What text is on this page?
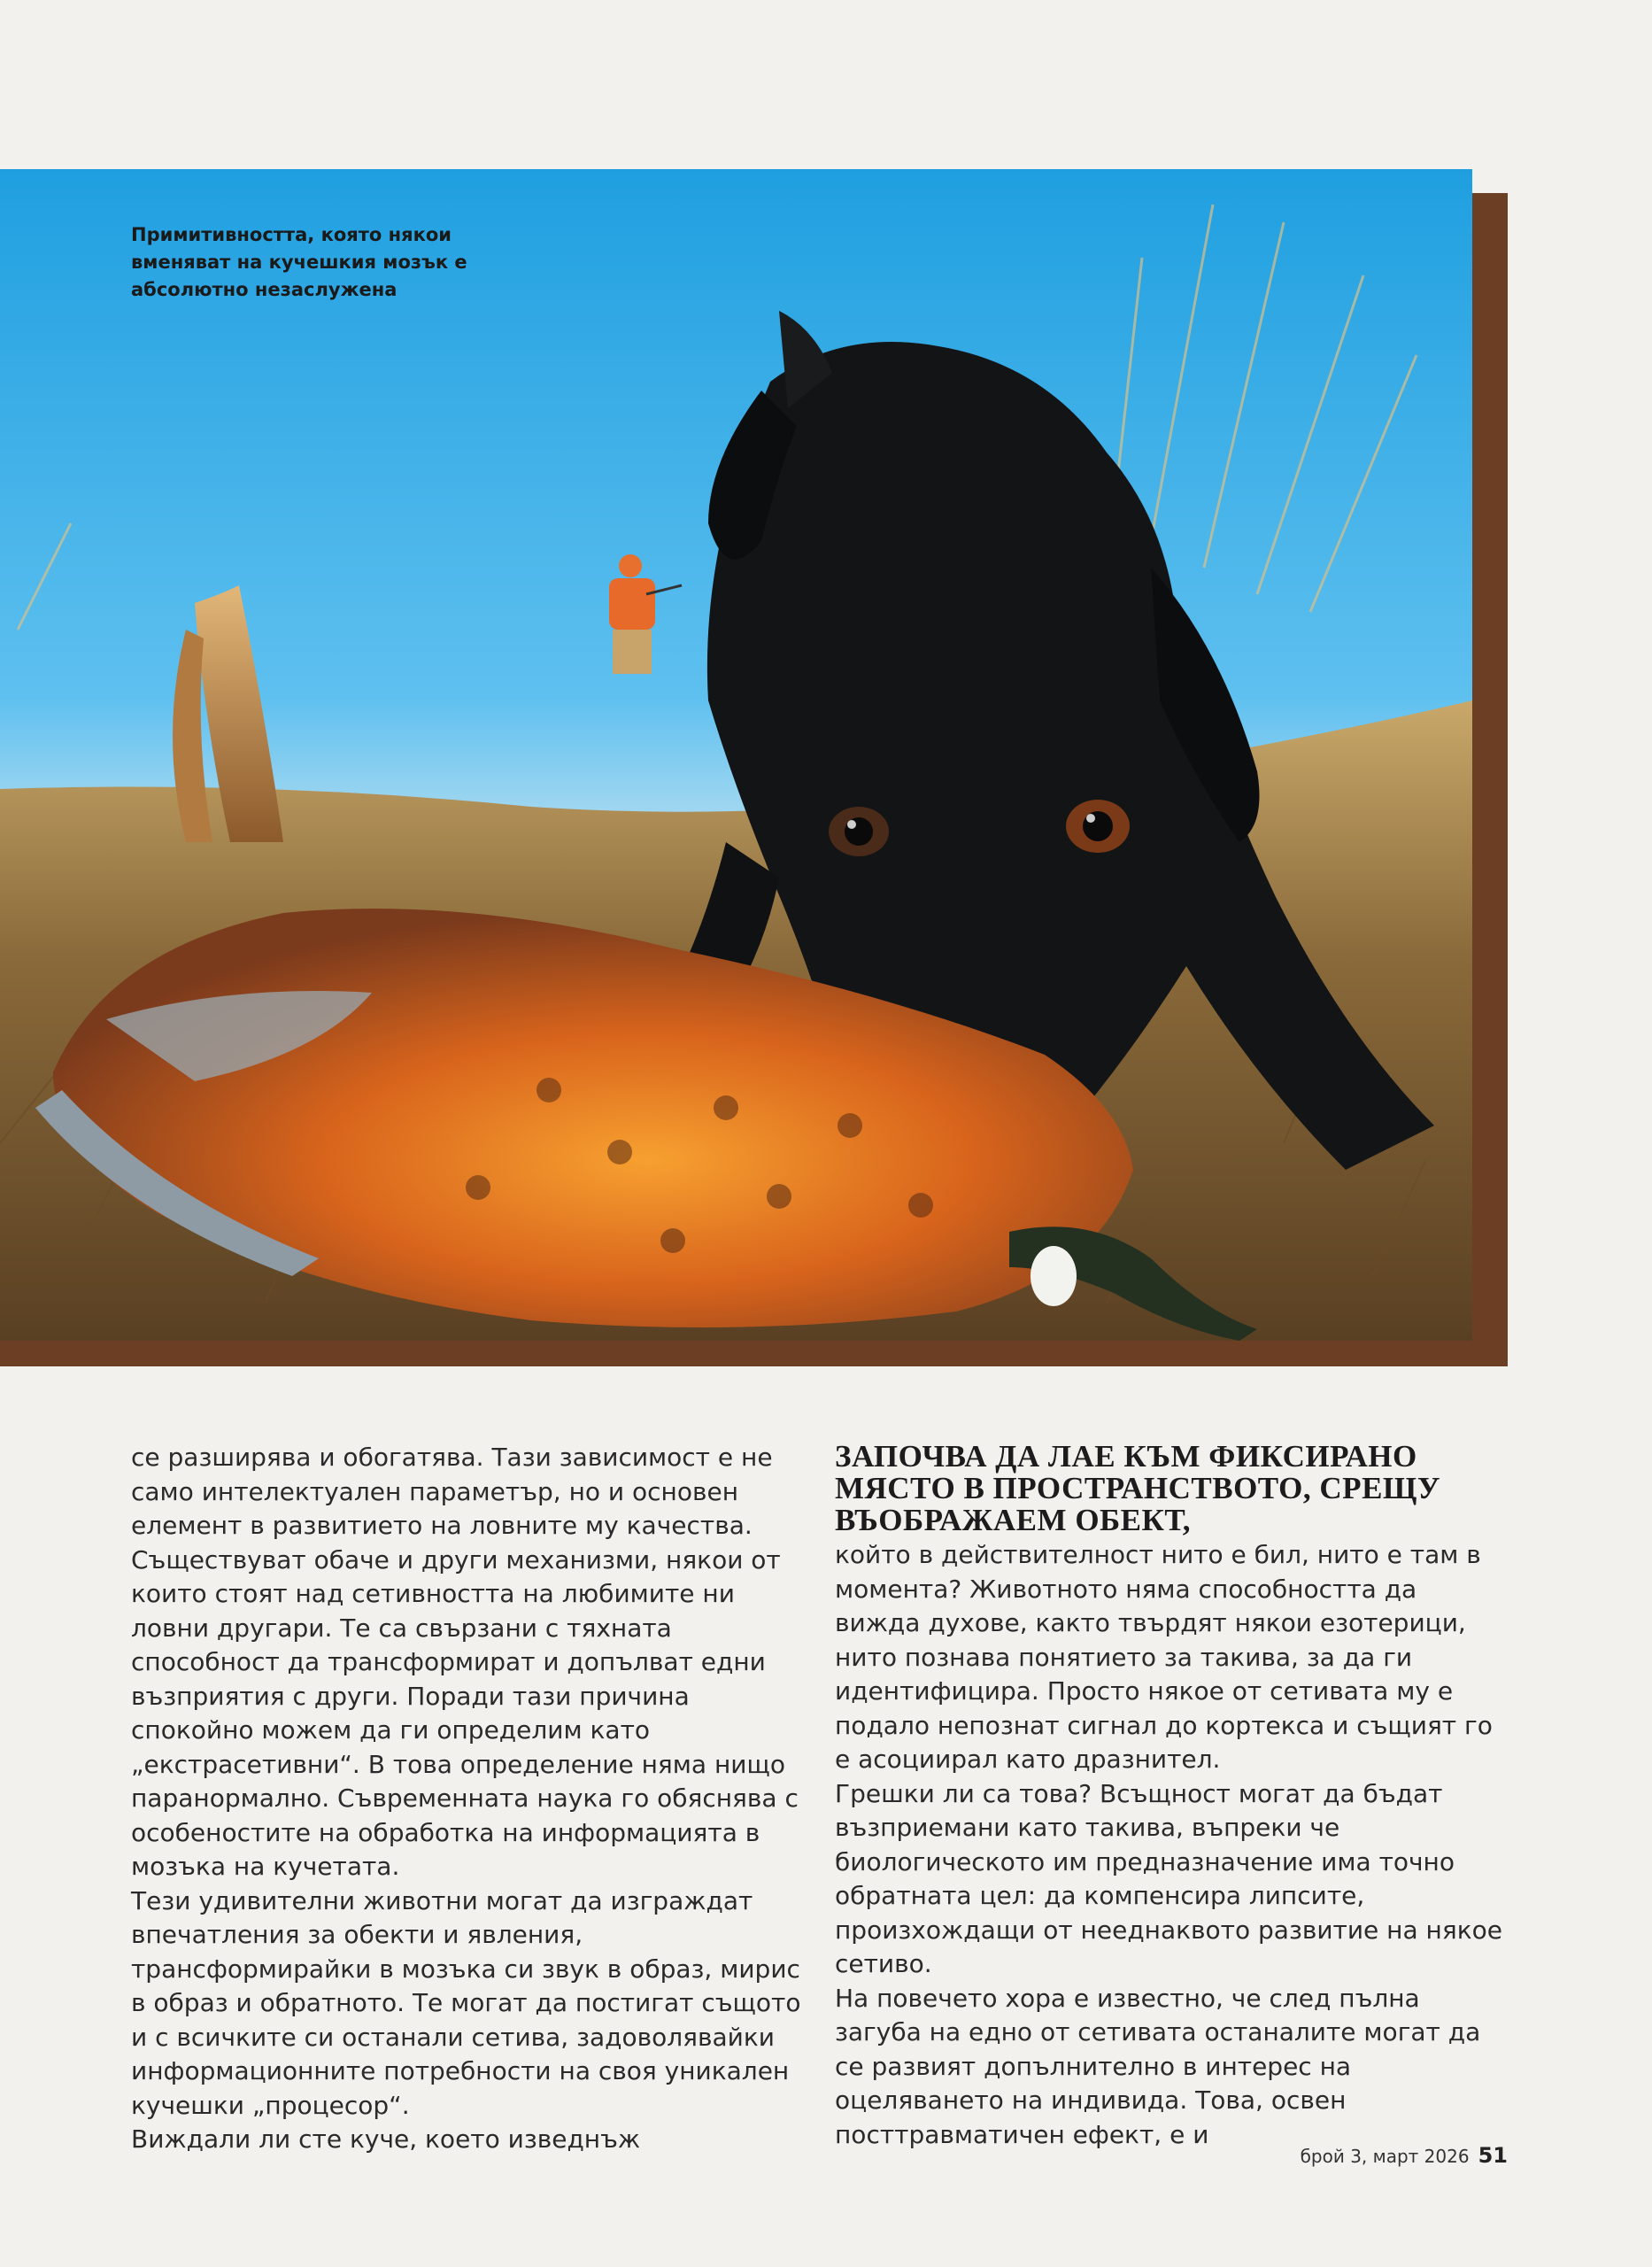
Примитивността, която някои вменяват на кучешкия мозък е абсолютно незаслужена

се разширява и обогатява. Тази зависимост е не само интелектуален параметър, но и основен елемент в развитието на ловните му качества.

Съществуват обаче и други механизми, някои от които стоят над сетивността на любимите ни ловни другари. Те са свързани с тяхната способност да трансформират и допълват едни възприятия с други. Поради тази причина спокойно можем да ги определим като „екстрасетивни“. В това определение няма нищо паранормално. Съвременната наука го обяснява с особеностите на обработка на информацията в мозъка на кучетата.

Тези удивителни животни могат да изграждат впечатления за обекти и явления, трансформирайки в мозъка си звук в образ, мирис в образ и обратното. Те могат да постигат същото и с всичките си останали сетива, задоволявайки информационните потребности на своя уникален кучешки „процесор“.

Виждали ли сте куче, което изведнъж

ЗАПОЧВА ДА ЛАЕ КЪМ ФИКСИРАНО МЯСТО В ПРОСТРАНСТВОТО, СРЕЩУ ВЪОБРАЖАЕМ ОБЕКТ,

който в действителност нито е бил, нито е там в момента? Животното няма способността да вижда духове, както твърдят някои езотерици, нито познава понятието за такива, за да ги идентифицира. Просто някое от сетивата му е подало непознат сигнал до кортекса и същият го е асоциирал като дразнител.

Грешки ли са това? Всъщност могат да бъдат възприемани като такива, въпреки че биологическото им предназначение има точно обратната цел: да компенсира липсите, произхождащи от нееднаквото развитие на някое сетиво.

На повечето хора е известно, че след пълна загуба на едно от сетивата останалите могат да се развият допълнително в интерес на оцеляването на индивида. Това, освен посттравматичен ефект, е и

брой 3, март 2026 51
